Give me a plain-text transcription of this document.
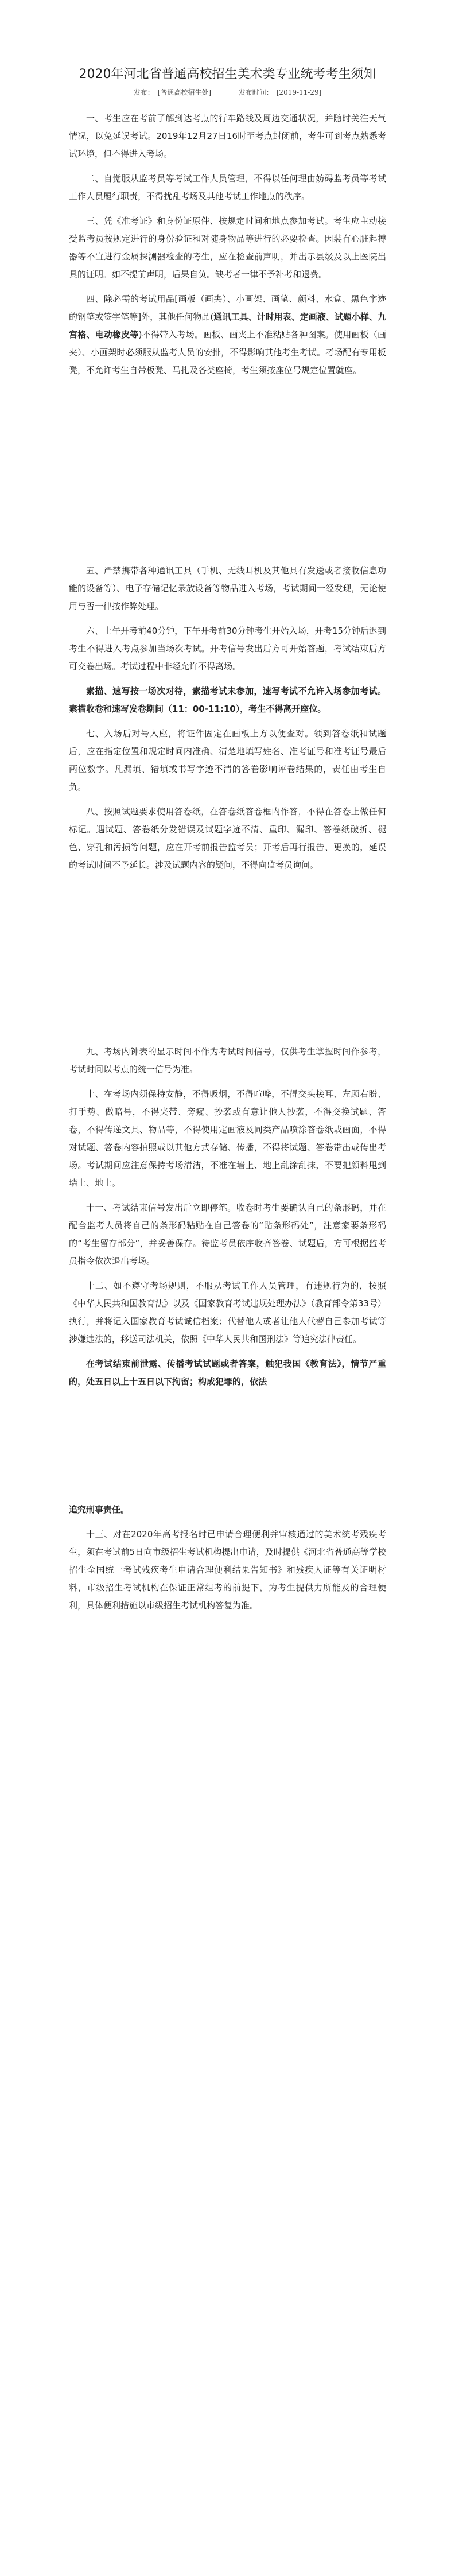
2020年河北省普通高校招生美术类专业统考考生须知
发布： [普通高校招生处]	发布时间： [2019-11-29]

一、考生应在考前了解到达考点的行车路线及周边交通状况，并随时关注天气情况，以免延误考试。2019年12月27日16时至考点封闭前，考生可到考点熟悉考试环境，但不得进入考场。

二、自觉服从监考员等考试工作人员管理，不得以任何理由妨碍监考员等考试工作人员履行职责，不得扰乱考场及其他考试工作地点的秩序。

三、凭《准考证》和身份证原件、按规定时间和地点参加考试。考生应主动接受监考员按规定进行的身份验证和对随身物品等进行的必要检查。因装有心脏起搏器等不宜进行金属探测器检查的考生，应在检查前声明，并出示县级及以上医院出具的证明。如不提前声明，后果自负。缺考者一律不予补考和退费。

四、除必需的考试用品[画板（画夹）、小画架、画笔、颜料、水盒、黑色字迹的钢笔或签字笔等]外，其他任何物品(通讯工具、计时用表、定画液、试题小样、九宫格、电动橡皮等)不得带入考场。画板、画夹上不准粘贴各种图案。使用画板（画夹）、小画架时必须服从监考人员的安排，不得影响其他考生考试。考场配有专用板凳，不允许考生自带板凳、马扎及各类座椅，考生须按座位号规定位置就座。

五、严禁携带各种通讯工具（手机、无线耳机及其他具有发送或者接收信息功能的设备等）、电子存储记忆录放设备等物品进入考场，考试期间一经发现，无论使用与否一律按作弊处理。

六、上午开考前40分钟，下午开考前30分钟考生开始入场，开考15分钟后迟到考生不得进入考点参加当场次考试。开考信号发出后方可开始答题，考试结束后方可交卷出场。考试过程中非经允许不得离场。

素描、速写按一场次对待，素描考试未参加，速写考试不允许入场参加考试。素描收卷和速写发卷期间（11：00-11:10），考生不得离开座位。

七、入场后对号入座，将证件固定在画板上方以便查对。领到答卷纸和试题后，应在指定位置和规定时间内准确、清楚地填写姓名、准考证号和准考证号最后两位数字。凡漏填、错填或书写字迹不清的答卷影响评卷结果的，责任由考生自负。

八、按照试题要求使用答卷纸，在答卷纸答卷框内作答，不得在答卷上做任何标记。遇试题、答卷纸分发错误及试题字迹不清、重印、漏印、答卷纸破折、褪色、穿孔和污损等问题，应在开考前报告监考员；开考后再行报告、更换的，延误的考试时间不予延长。涉及试题内容的疑问，不得向监考员询问。

九、考场内钟表的显示时间不作为考试时间信号，仅供考生掌握时间作参考，考试时间以考点的统一信号为准。

十、在考场内须保持安静，不得吸烟，不得喧哗，不得交头接耳、左顾右盼、打手势、做暗号，不得夹带、旁窥、抄袭或有意让他人抄袭，不得交换试题、答卷，不得传递文具、物品等，不得使用定画液及同类产品喷涂答卷纸或画面，不得对试题、答卷内容拍照或以其他方式存储、传播，不得将试题、答卷带出或传出考场。考试期间应注意保持考场清洁，不准在墙上、地上乱涂乱抹，不要把颜料甩到墙上、地上。

十一、考试结束信号发出后立即停笔。收卷时考生要确认自己的条形码，并在配合监考人员将自己的条形码粘贴在自己答卷的“贴条形码处”，注意家要条形码的“考生留存部分”，并妥善保存。待监考员依序收齐答卷、试题后，方可根据监考员指令依次退出考场。

十二、如不遵守考场规则，不服从考试工作人员管理，有违规行为的，按照《中华人民共和国教育法》以及《国家教育考试违规处理办法》（教育部令第33号）执行，并将记入国家教育考试诚信档案；代替他人或者让他人代替自己参加考试等涉嫌违法的，移送司法机关，依照《中华人民共和国刑法》等追究法律责任。

在考试结束前泄露、传播考试试题或者答案，触犯我国《教育法》，情节严重的，处五日以上十五日以下拘留；构成犯罪的，依法

追究刑事责任。

十三、对在2020年高考报名时已申请合理便利并审核通过的美术统考残疾考生，须在考试前5日向市级招生考试机构提出申请，及时提供《河北省普通高等学校招生全国统一考试残疾考生申请合理便利结果告知书》和残疾人证等有关证明材料，市级招生考试机构在保证正常组考的前提下，为考生提供力所能及的合理便利，具体便利措施以市级招生考试机构答复为准。
